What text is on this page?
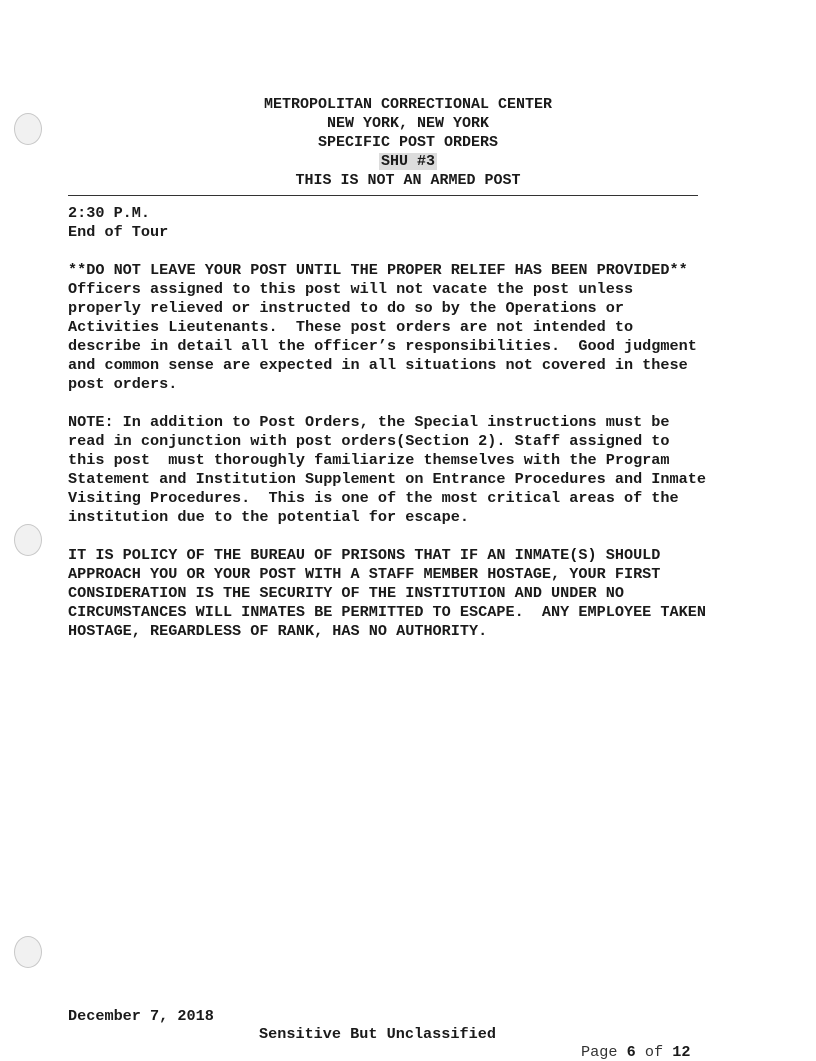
METROPOLITAN CORRECTIONAL CENTER
NEW YORK, NEW YORK
SPECIFIC POST ORDERS
SHU #3
THIS IS NOT AN ARMED POST
2:30 P.M.
End of Tour
**DO NOT LEAVE YOUR POST UNTIL THE PROPER RELIEF HAS BEEN PROVIDED**
Officers assigned to this post will not vacate the post unless
properly relieved or instructed to do so by the Operations or
Activities Lieutenants.  These post orders are not intended to
describe in detail all the officer’s responsibilities.  Good judgment
and common sense are expected in all situations not covered in these
post orders.
NOTE: In addition to Post Orders, the Special instructions must be
read in conjunction with post orders(Section 2). Staff assigned to
this post  must thoroughly familiarize themselves with the Program
Statement and Institution Supplement on Entrance Procedures and Inmate
Visiting Procedures.  This is one of the most critical areas of the
institution due to the potential for escape.
IT IS POLICY OF THE BUREAU OF PRISONS THAT IF AN INMATE(S) SHOULD
APPROACH YOU OR YOUR POST WITH A STAFF MEMBER HOSTAGE, YOUR FIRST
CONSIDERATION IS THE SECURITY OF THE INSTITUTION AND UNDER NO
CIRCUMSTANCES WILL INMATES BE PERMITTED TO ESCAPE.  ANY EMPLOYEE TAKEN
HOSTAGE, REGARDLESS OF RANK, HAS NO AUTHORITY.

December 7, 2018

Sensitive But Unclassified

Page 6 of 12
